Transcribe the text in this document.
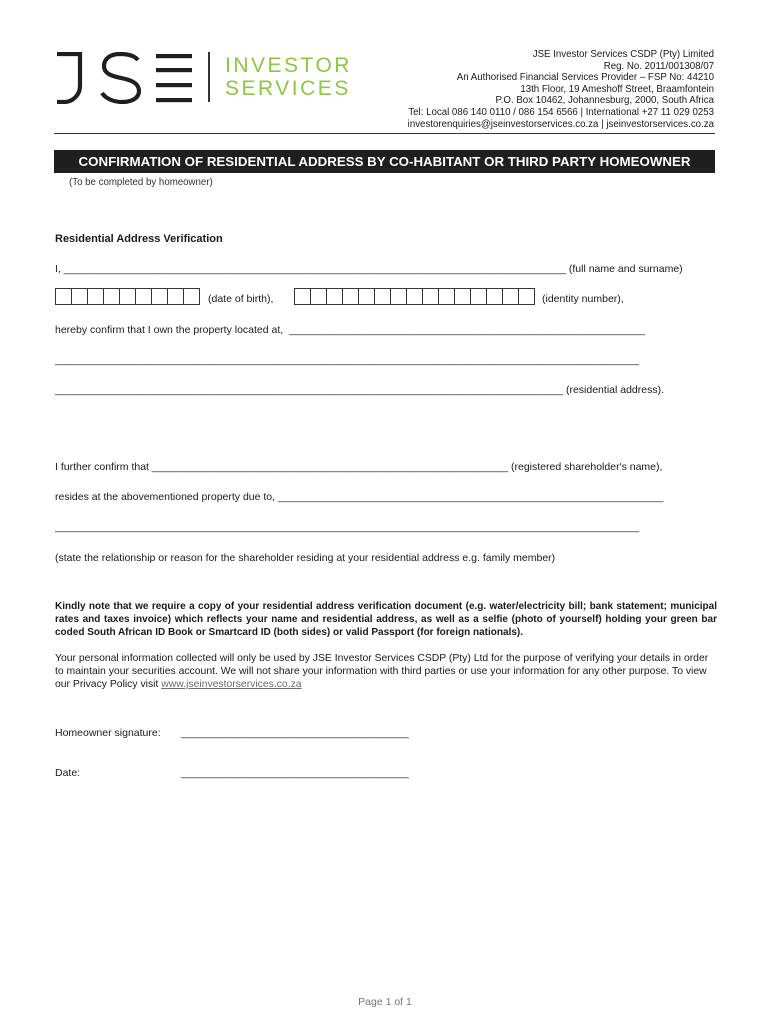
INVESTOR
SERVICES
JSE Investor Services CSDP (Pty) Limited
Reg. No. 2011/001308/07
An Authorised Financial Services Provider – FSP No: 44210
13th Floor, 19 Ameshoff Street, Braamfontein
P.O. Box 10462, Johannesburg, 2000, South Africa
Tel: Local 086 140 0110 / 086 154 6566 | International +27 11 029 0253
investorenquiries@jseinvestorservices.co.za | jseinvestorservices.co.za
CONFIRMATION OF RESIDENTIAL ADDRESS BY CO-HABITANT OR THIRD PARTY HOMEOWNER
(To be completed by homeowner)
Residential Address Verification
I, ______________________________________________________________________________________ (full name and surname)
(date of birth),	(identity number),
hereby confirm that I own the property located at,  _____________________________________________________________
____________________________________________________________________________________________________
_______________________________________________________________________________________ (residential address).
I further confirm that _____________________________________________________________ (registered shareholder's name),
resides at the abovementioned property due to, __________________________________________________________________
____________________________________________________________________________________________________
(state the relationship or reason for the shareholder residing at your residential address e.g. family member)
Kindly note that we require a copy of your residential address verification document (e.g. water/electricity bill; bank statement; municipal rates and taxes invoice) which reflects your name and residential address, as well as a selfie (photo of yourself) holding your green bar coded South African ID Book or Smartcard ID (both sides) or valid Passport (for foreign nationals).
Your personal information collected will only be used by JSE Investor Services CSDP (Pty) Ltd for the purpose of verifying your details in order to maintain your securities account. We will not share your information with third parties or use your information for any other purpose. To view our Privacy Policy visit www.jseinvestorservices.co.za
Homeowner signature: _______________________________________
Date:	_______________________________________
Page 1 of 1
